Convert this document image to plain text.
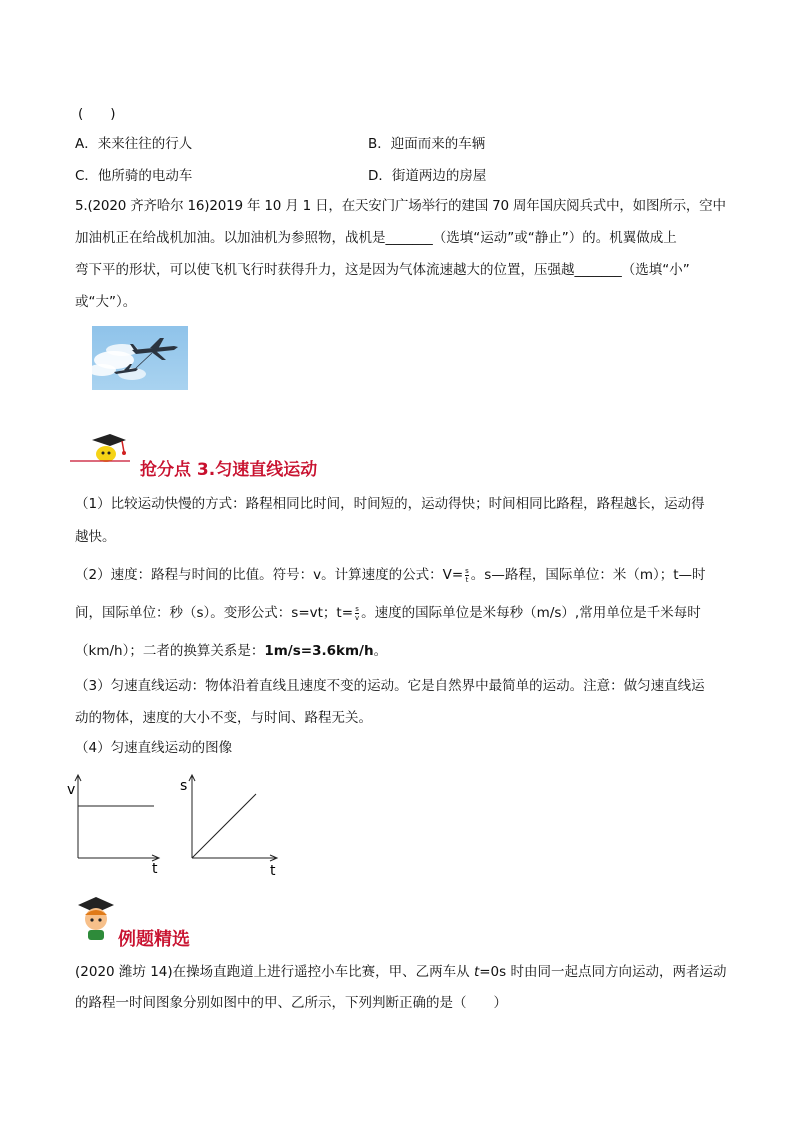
(　　)
A．来来往往的行人	B．迎面而来的车辆
C．他所骑的电动车	D．街道两边的房屋
5.(2020 齐齐哈尔 16)2019 年 10 月 1 日，在天安门广场举行的建国 70 周年国庆阅兵式中，如图所示，空中
加油机正在给战机加油。以加油机为参照物，战机是_______（选填“运动”或“静止”）的。机翼做成上
弯下平的形状，可以使飞机飞行时获得升力，这是因为气体流速越大的位置，压强越_______（选填“小”
或“大”）。
抢分点 3.匀速直线运动
（1）比较运动快慢的方式：路程相同比时间，时间短的，运动得快；时间相同比路程，路程越长，运动得
越快。
（2）速度：路程与时间的比值。符号：v。计算速度的公式：$V= \frac{s}{t}$ 。s—路程，国际单位：米（m）；t—时
间，国际单位：秒（s）。变形公式：s=vt；$t= \frac{s}{v}$ 。速度的国际单位是米每秒（m/s）,常用单位是千米每时
（km/h）；二者的换算关系是：1m/s=3.6km/h。
（3）匀速直线运动：物体沿着直线且速度不变的运动。它是自然界中最简单的运动。注意：做匀速直线运
动的物体，速度的大小不变，与时间、路程无关。
（4）匀速直线运动的图像
v
t
s
t
例题精选
(2020 潍坊 14)在操场直跑道上进行遥控小车比赛，甲、乙两车从 t=0s 时由同一起点同方向运动，两者运动
的路程一时间图象分别如图中的甲、乙所示，下列判断正确的是（　　）
